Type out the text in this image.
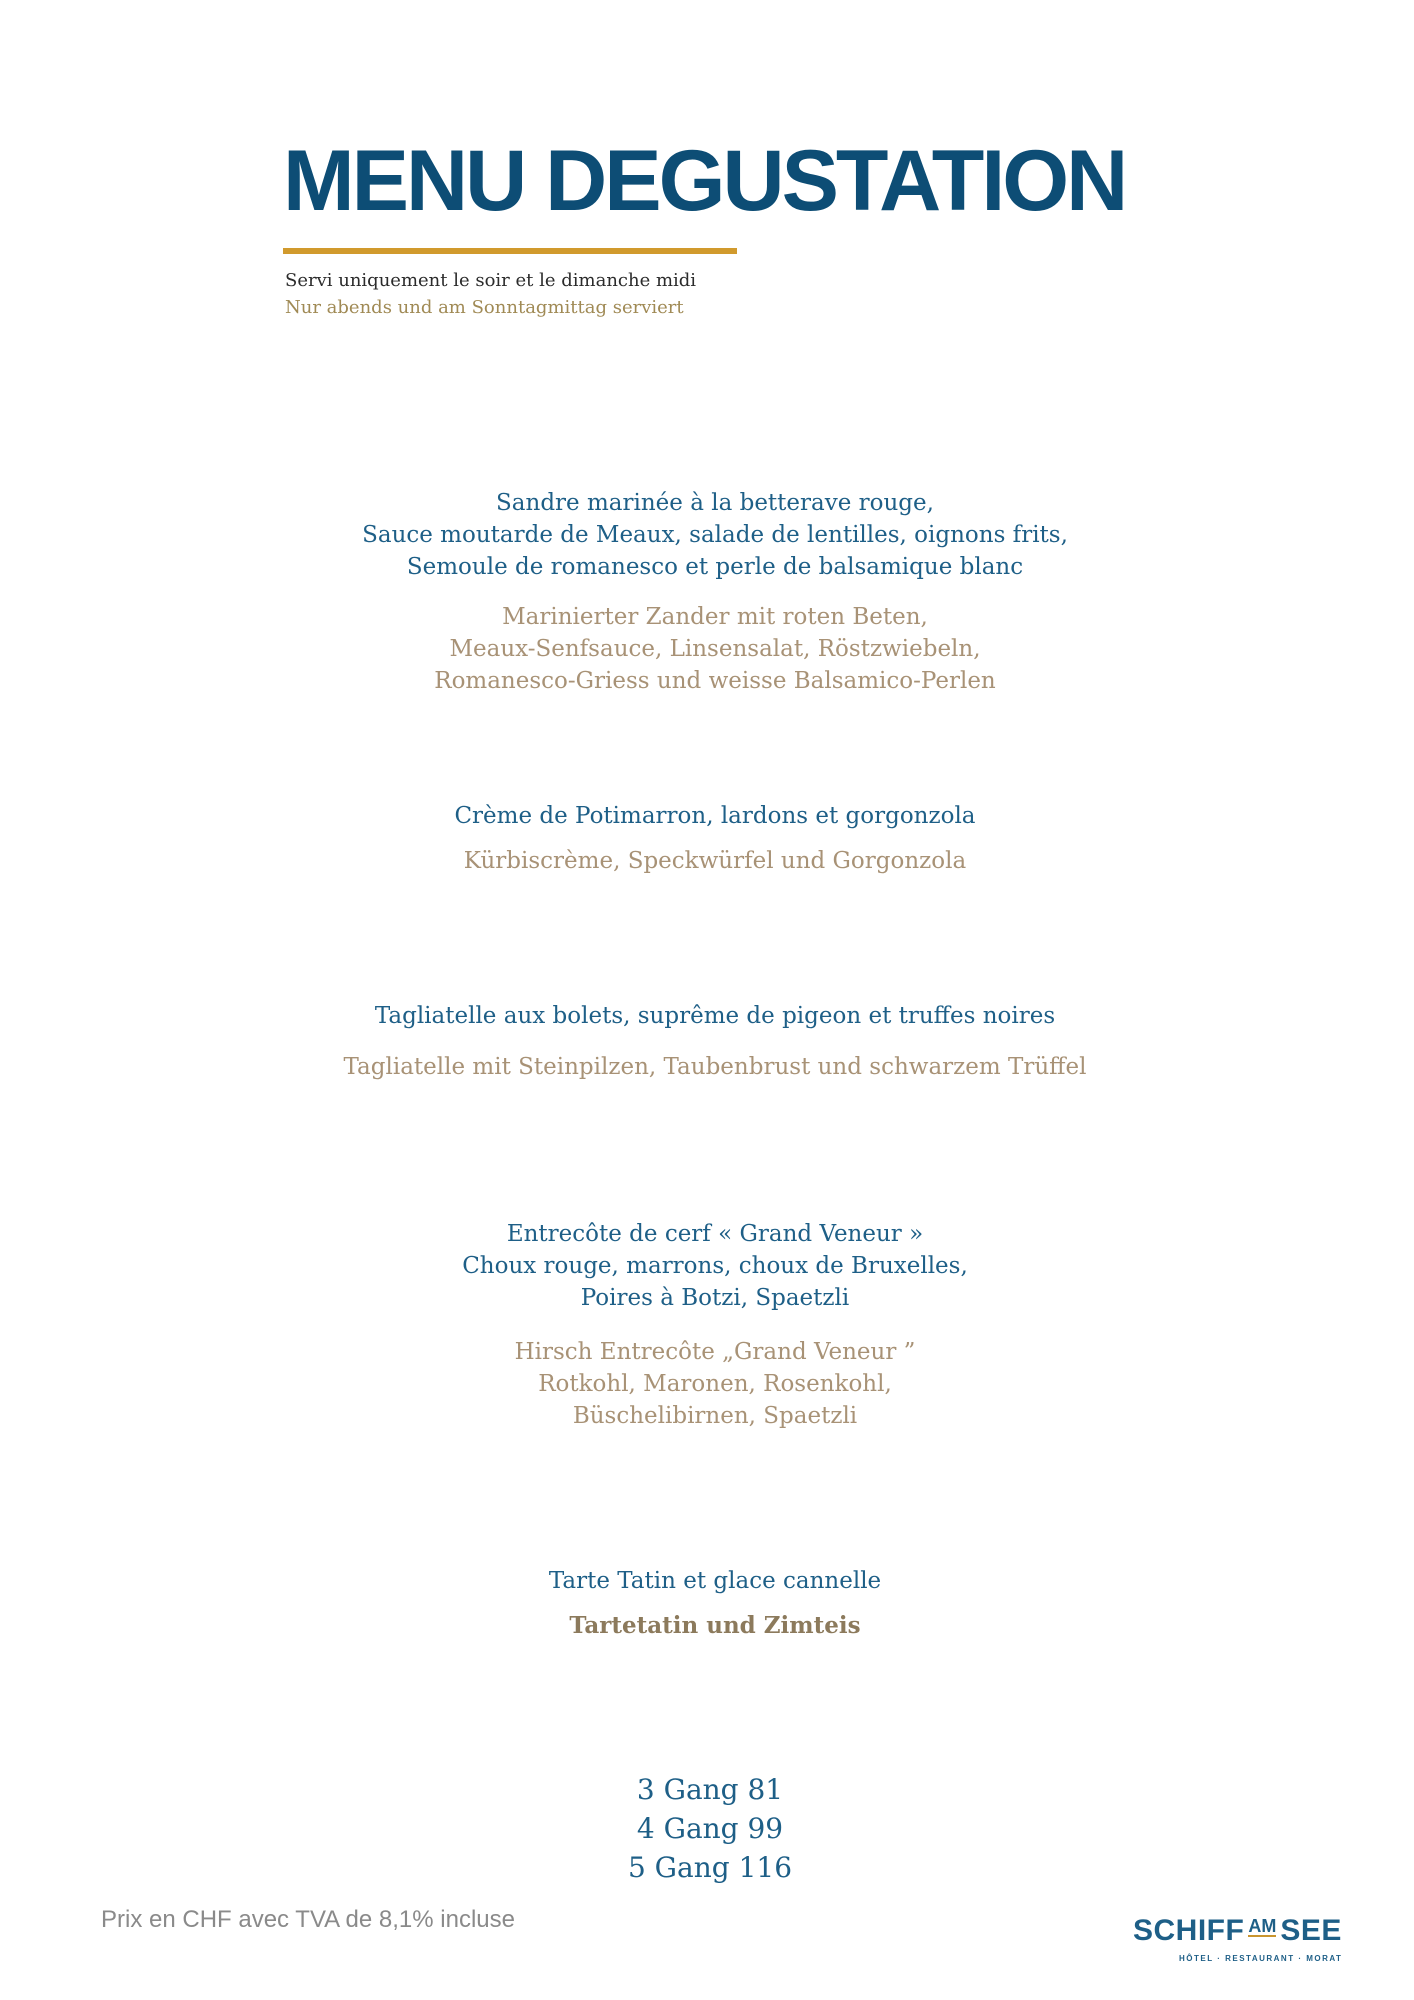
MENU DEGUSTATION
Servi uniquement le soir et le dimanche midi
Nur abends und am Sonntagmittag serviert
Sandre marinée à la betterave rouge,
Sauce moutarde de Meaux, salade de lentilles, oignons frits,
Semoule de romanesco et perle de balsamique blanc
Marinierter Zander mit roten Beten,
Meaux-Senfsauce, Linsensalat, Röstzwiebeln,
Romanesco-Griess und weisse Balsamico-Perlen
Crème de Potimarron, lardons et gorgonzola
Kürbiscrème, Speckwürfel und Gorgonzola
Tagliatelle aux bolets, suprême de pigeon et truffes noires
Tagliatelle mit Steinpilzen, Taubenbrust und schwarzem Trüffel
Entrecôte de cerf « Grand Veneur »
Choux rouge, marrons, choux de Bruxelles,
Poires à Botzi, Spaetzli
Hirsch Entrecôte „Grand Veneur ”
Rotkohl, Maronen, Rosenkohl,
Büschelibirnen, Spaetzli
Tarte Tatin et glace cannelle
Tartetatin und Zimteis
3 Gang 81
4 Gang 99
5 Gang 116
Prix en CHF avec TVA de 8,1% incluse	SCHIFF AM SEE
HÔTEL · RESTAURANT · MORAT
